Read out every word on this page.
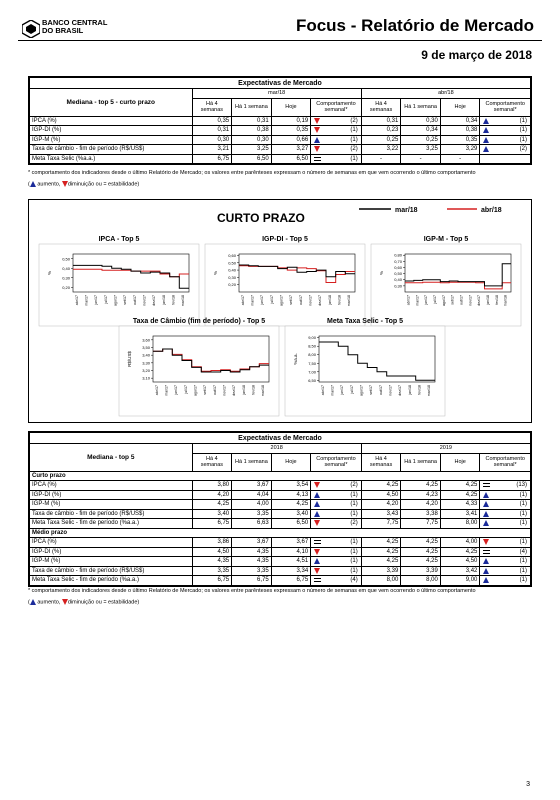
BANCO CENTRAL
DO BRASIL	Focus - Relatório de Mercado
9 de março de 2018
Expectativas de Mercado								
Mediana - top 5 - curto prazo	mar/18				abr/18			
	Há 4 semanas	Há 1 semana	Hoje	Comportamento semanal*	Há 4 semanas	Há 1 semana	Hoje	Comportamento semanal*
IPCA (%)	0,35	0,31	0,19	(2)	0,31	0,30	0,34	(1)

IGP-DI (%)	0,31	0,38	0,35	(1)	0,23	0,34	0,38	(1)

IGP-M (%)	0,30	0,30	0,66	(1)	0,25	0,25	0,35	(1)

Taxa de câmbio - fim de período (R$/US$)	3,21	3,25	3,27	(2)	3,22	3,25	3,29	(2)

Meta Taxa Selic (%a.a.)	6,75	6,50	6,50	(1)	-	-	-	
* comportamento dos indicadores desde o último Relatório de Mercado; os valores entre parênteses expressam o número de semanas em que vem ocorrendo o último comportamento
( aumento, diminuição ou = estabilidade)
CURTO PRAZO
mar/18	abr/18
IPCA - Top 5
0,50
0,40
0,30
0,20
%
abr/17 mai/17 jun/17 jul/17 ago/17 set/17 out/17 nov/17 dez/17 jan/18 fev/18 mar/18
IGP-DI - Top 5
0,60
0,50
0,40
0,30
0,20
%
abr/17 mai/17 jun/17 jul/17 ago/17 set/17 out/17 nov/17 dez/17 jan/18 fev/18 mar/18
IGP-M - Top 5
0,80
0,70
0,60
0,50
0,40
0,30
%
abr/17 mai/17 jun/17 jul/17 ago/17 set/17 out/17 nov/17 dez/17 jan/18 fev/18 mar/18
Taxa de Câmbio (fim de período) - Top 5
3,60
3,50
3,40
3,30
3,20
3,10
R$/US$
abr/17 mai/17 jun/17 jul/17 ago/17 set/17 out/17 nov/17 dez/17 jan/18 fev/18 mar/18
Meta Taxa Selic - Top 5
9,00
8,50
8,00
7,50
7,00
6,50
%a.a.
abr/17 mai/17 jun/17 jul/17 ago/17 set/17 out/17 nov/17 dez/17 jan/18 fev/18 mar/18
Expectativas de Mercado								
Mediana - top 5	2018				2019			
	Há 4 semanas	Há 1 semana	Hoje	Comportamento semanal*	Há 4 semanas	Há 1 semana	Hoje	Comportamento semanal*
Curto prazo								
IPCA (%)	3,80	3,67	3,54	(2)	4,25	4,25	4,25	(13)

IGP-DI (%)	4,20	4,04	4,13	(1)	4,50	4,23	4,25	(1)

IGP-M (%)	4,25	4,00	4,25	(1)	4,20	4,20	4,33	(1)

Taxa de câmbio - fim de período (R$/US$)	3,40	3,35	3,40	(1)	3,43	3,38	3,41	(1)

Meta Taxa Selic - fim de período (%a.a.)	6,75	6,63	6,50	(2)	7,75	7,75	8,00	(1)

Médio prazo								
IPCA (%)	3,86	3,67	3,67	(1)	4,25	4,25	4,00	(1)

IGP-DI (%)	4,50	4,35	4,10	(1)	4,25	4,25	4,25	(4)

IGP-M (%)	4,35	4,35	4,51	(1)	4,25	4,25	4,50	(1)

Taxa de câmbio - fim de período (R$/US$)	3,35	3,35	3,34	(1)	3,39	3,39	3,42	(1)

Meta Taxa Selic - fim de período (%a.a.)	6,75	6,75	6,75	(4)	8,00	8,00	9,00	(1)
* comportamento dos indicadores desde o último Relatório de Mercado; os valores entre parênteses expressam o número de semanas em que vem ocorrendo o último comportamento
( aumento, diminuição ou = estabilidade)
3
